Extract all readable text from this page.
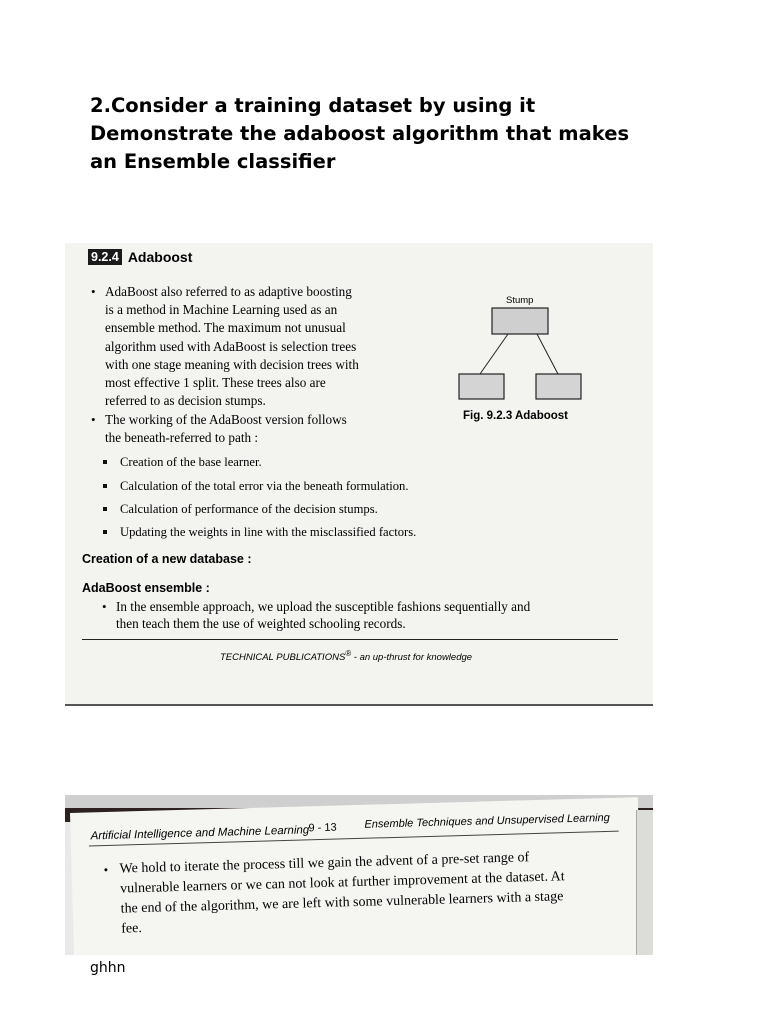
2.Consider a training dataset by using it
Demonstrate the adaboost algorithm that makes
an Ensemble classifier
9.2.4 Adaboost
• AdaBoost also referred to as adaptive boosting
is a method in Machine Learning used as an
ensemble method. The maximum not unusual
algorithm used with AdaBoost is selection trees
with one stage meaning with decision trees with
most effective 1 split. These trees also are
referred to as decision stumps.
• The working of the AdaBoost version follows
the beneath-referred to path :
Creation of the base learner.
Calculation of the total error via the beneath formulation.
Calculation of performance of the decision stumps.
Updating the weights in line with the misclassified factors.
Creation of a new database :
AdaBoost ensemble :
• In the ensemble approach, we upload the susceptible fashions sequentially and
then teach them the use of weighted schooling records.
TECHNICAL PUBLICATIONS® - an up-thrust for knowledge
Stump
Fig. 9.2.3 Adaboost
Artificial Intelligence and Machine Learning
9 - 13 Ensemble Techniques and Unsupervised Learning
• We hold to iterate the process till we gain the advent of a pre-set range of
vulnerable learners or we can not look at further improvement at the dataset. At
the end of the algorithm, we are left with some vulnerable learners with a stage
fee.
ghhn
